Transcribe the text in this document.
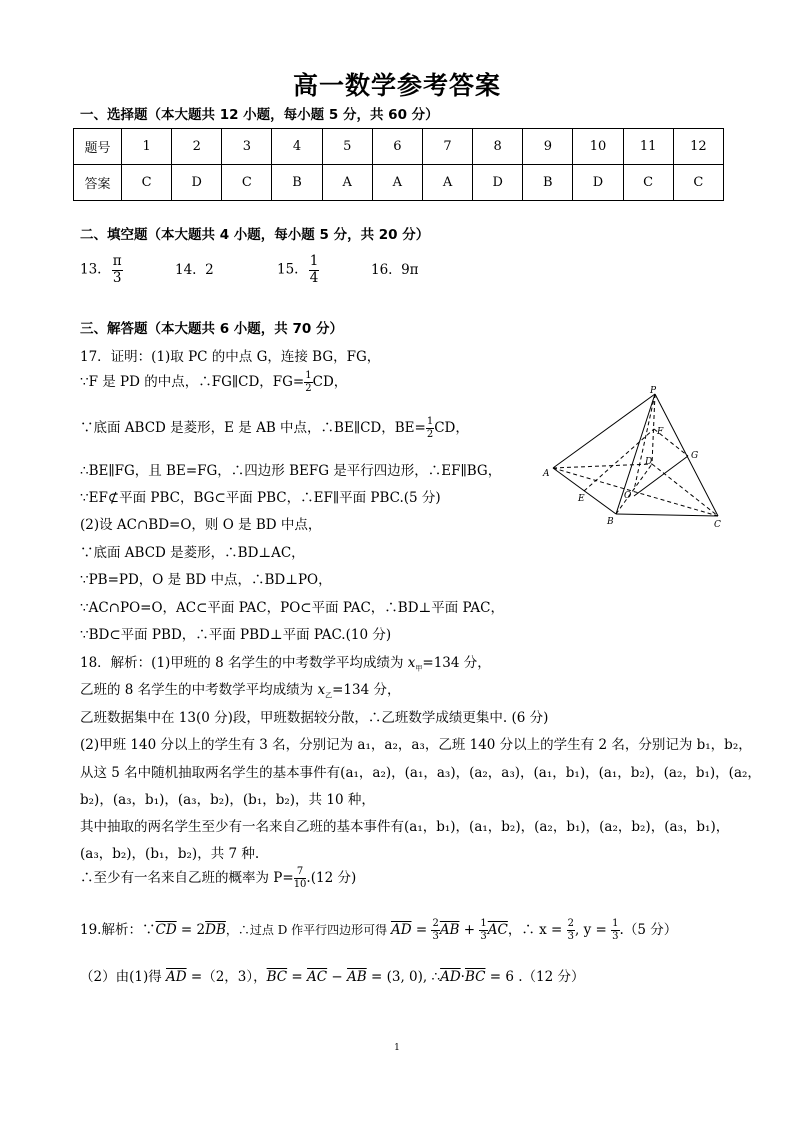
高一数学参考答案
一、选择题（本大题共 12 小题，每小题 5 分，共 60 分）
题号	1	2	3	4	5	6	7	8	9	10	11	12
答案	C	D	C	B	A	A	A	D	B	D	C	C
二、填空题（本大题共 4 小题，每小题 5 分，共 20 分）
13. $\frac{\pi}{3}$	14. 2	15. $\frac{1}{4}$	16. 9π
三、解答题（本大题共 6 小题，共 70 分）
17．证明：(1)取 PC 的中点 G，连接 BG，FG，
∵F 是 PD 的中点，∴FG∥CD，$FG= \frac{1}{2}$ CD，
∵底面 ABCD 是菱形，E 是 AB 中点，∴BE∥CD，$BE= \frac{1}{2}$ CD，
∴BE∥FG，且 BE=FG，∴四边形 BEFG 是平行四边形，∴EF∥BG，
∵EF⊄平面 PBC，BG⊂平面 PBC，∴EF∥平面 PBC.(5 分)
(2)设 AC∩BD=O，则 O 是 BD 中点，
∵底面 ABCD 是菱形，∴BD⊥AC，
∵PB=PD，O 是 BD 中点，∴BD⊥PO，
∵AC∩PO=O，AC⊂平面 PAC，PO⊂平面 PAC，∴BD⊥平面 PAC，
∵BD⊂平面 PBD，∴平面 PBD⊥平面 PAC.(10 分)
P
F
G
D
A
E	O
B	C
18．解析：(1)甲班的 8 名学生的中考数学平均成绩为 $x_甲=134$ 分，
乙班的 8 名学生的中考数学平均成绩为 $x_乙=134$ 分，
乙班数据集中在 13(0 分)段，甲班数据较分散，∴乙班数学成绩更集中. (6 分)
(2)甲班 140 分以上的学生有 3 名，分别记为 a₁，a₂，a₃，乙班 140 分以上的学生有 2 名，分别记为 b₁，b₂，
从这 5 名中随机抽取两名学生的基本事件有(a₁，a₂)，(a₁，a₃)，(a₂，a₃)，(a₁，b₁)，(a₁，b₂)，(a₂，b₁)，(a₂，
b₂)，(a₃，b₁)，(a₃，b₂)，(b₁，b₂)，共 10 种，
其中抽取的两名学生至少有一名来自乙班的基本事件有(a₁，b₁)，(a₁，b₂)，(a₂，b₁)，(a₂，b₂)，(a₃，b₁)，
(a₃，b₂)，(b₁，b₂)，共 7 种.
∴至少有一名来自乙班的概率为 $P= \frac{7}{10} .(12$ 分)
19.解析：$\because\overline{CD} = 2\overline{DB}$，∴过点 D 作平行四边形可得 $\overline{AD} = \frac{2}{3} \overline{AB} + \frac{1}{3} \overline{AC}$，∴ $x = \frac{2}{3}$ , $y = \frac{1}{3} .(5$ 分）
（2）由(1)得 $\overline{AD} =(2$，3），$\overline{BC} = \overline{AC} - \overline{AB} = (3$, 0), $\therefore\overline{AD}\cdot\overline{BC} = 6$ .（12 分）
1
